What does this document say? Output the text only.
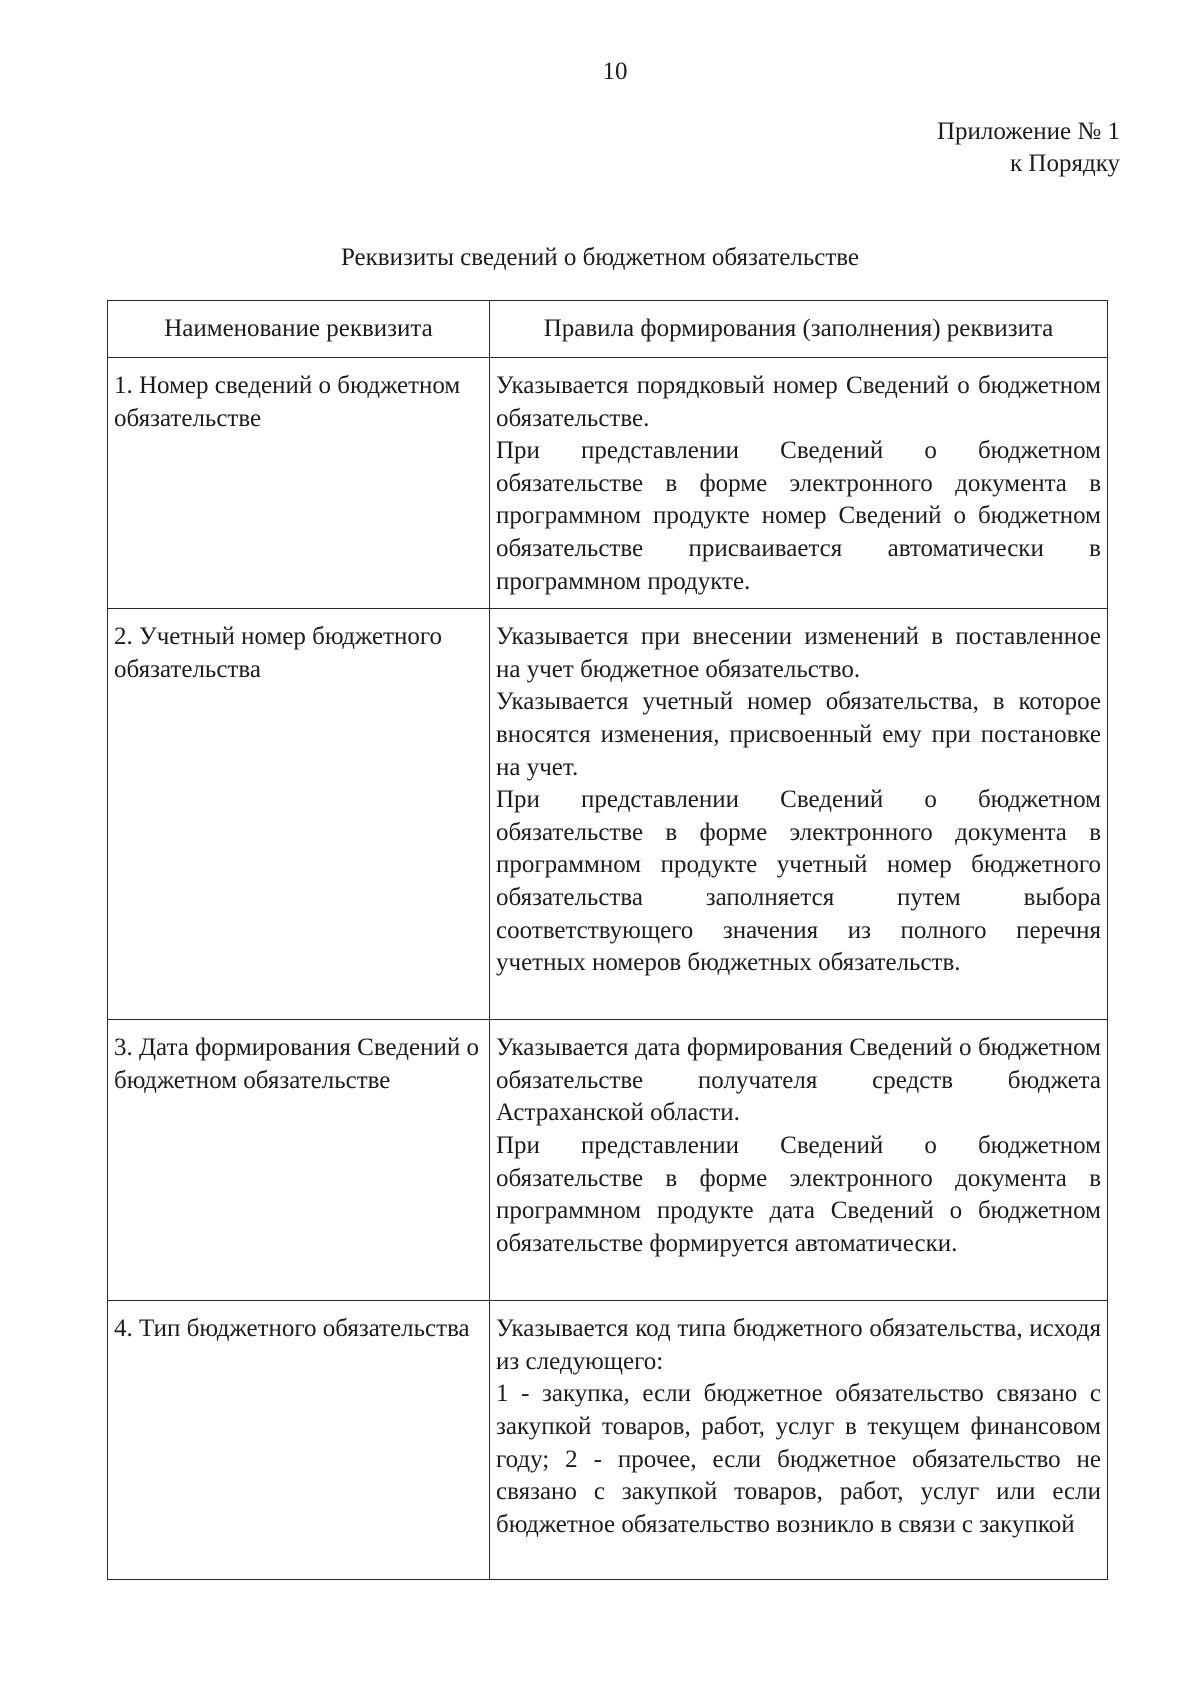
10
Приложение № 1
к Порядку
Реквизиты сведений о бюджетном обязательстве
Наименование реквизита	Правила формирования (заполнения) реквизита
1. Номер сведений о бюджетном обязательстве	Указывается порядковый номер Сведений о бюджетном обязательстве.
При представлении Сведений о бюджетном обязательстве в форме электронного документа в программном продукте номер Сведений о бюджетном обязательстве присваивается автоматически в программном продукте.

2. Учетный номер бюджетного обязательства	Указывается при внесении изменений в поставленное на учет бюджетное обязательство.
Указывается учетный номер обязательства, в которое вносятся изменения, присвоенный ему при постановке на учет.
При представлении Сведений о бюджетном обязательстве в форме электронного документа в программном продукте учетный номер бюджетного обязательства заполняется путем выбора соответствующего значения из полного перечня учетных номеров бюджетных обязательств.

3. Дата формирования Сведений о бюджетном обязательстве	Указывается дата формирования Сведений о бюджетном обязательстве получателя средств бюджета Астраханской области.
При представлении Сведений о бюджетном обязательстве в форме электронного документа в программном продукте дата Сведений о бюджетном обязательстве формируется автоматически.

4. Тип бюджетного обязательства	Указывается код типа бюджетного обязательства, исходя из следующего:
1 - закупка, если бюджетное обязательство связано с закупкой товаров, работ, услуг в текущем финансовом году; 2 - прочее, если бюджетное обязательство не связано с закупкой товаров, работ, услуг или если бюджетное обязательство возникло в связи с закупкой
